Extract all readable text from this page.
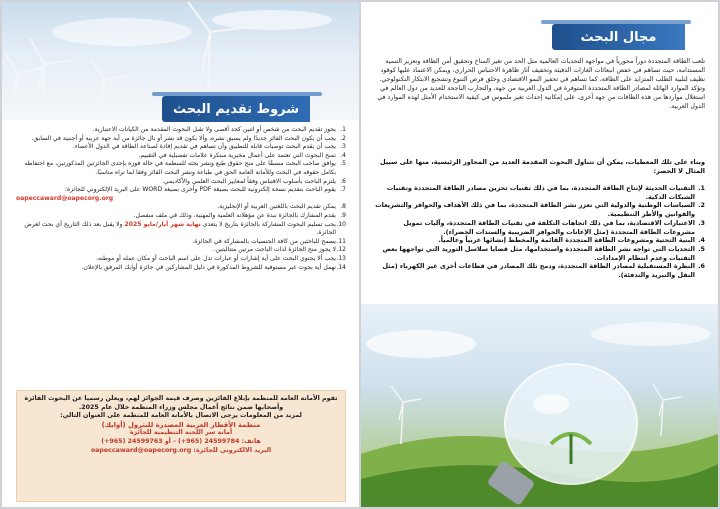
شروط تقديم البحث
1.
يجوز تقديم البحث من شخص أو اثنين كحد أقصى ولا تقبل البحوث المقدمة من الكيانات الاعتبارية.
2.
يجب أن يكون البحث الفائز جديدًا ولم يسبق نشره، وألا يكون قد نشر أو نال جائزة من أية جهة عربية أو أجنبية في السابق.
3.
يجب أن يقدم البحث توصيات قابلة للتطبيق وأن تساهم في تقديم إفادة لصناعة الطاقة في الدول الأعضاء.
4.
تمنح البحوث التي تعتمد على أعمال مخبرية مبتكرة علامات تفضيلية في التقييم.
5.
يوافق صاحب البحث مسبقًا على منح حقوق طبع ونشر بحثه للمنظمة في حالة فوزه بإحدى الجائزتين المذكورتين، مع احتفاظه بكامل حقوقه في البحث وللأمانة العامة الحق في طباعة ونشر البحث الفائز وفقا لما تراه مناسبًا.
6.
يلتزم الباحث بأسلوب الاقتباس وفقاً لمعايير البحث العلمي والأكاديمي.
7.
يقوم الباحث بتقديم نسخة إلكترونية للبحث بصيغة PDF وأخرى بصيغة WORD على البريد الإلكتروني للجائزة:
oapeccaward@oapecorg.org
8.
يمكن تقديم البحث باللغتين العربية أو الإنجليزية.
9.
يقدم المشارك بالجائزة نبذة عن مؤهلاته العلمية والمهنية، وذلك في ملف منفصل.
10.
يجب تسليم البحوث المشاركة بالجائزة بتاريخ لا يتعدى نهاية شهر أيار/مايو 2025 ولا يقبل بعد ذلك التاريخ أي بحث لغرض الجائزة.
11.
يسمح للباحثين من كافة الجنسيات بالمشاركة في الجائزة.
12.
لا يجوز منح الجائزة لذات الباحث مرتين متتاليتين.
13.
يجب ألا يحتوي البحث على أية إشارات أو عبارات تدل على اسم الباحث أو مكان عمله أو موطنه.
14.
تهمل أية بحوث غير مستوفية للشروط المذكورة في دليل المشاركين في جائزة أوابك المرفق بالإعلان.

تقوم الأمانة العامة للمنظمة بإبلاغ الفائزين وصرف قيمة الجوائز لهم، ويعلن رسميا عن البحوث الفائزة وأصحابها ضمن نتائج أعمال مجلس وزراء المنظمة خلال عام 2025.

لمزيد من المعلومات يرجى الاتصال بالأمانة العامة للمنظمة على العنوان التالي:

منظمة الأقطار العربية المصدرة للبترول (أوابك)

أمانة سر اللجنة التنظيمية للجائزة

هاتف: 24599784 (965+) - أو 24599763 (965+)

البريد الالكتروني للجائزة: oapeccaward@oapecorg.org

مجال البحث

تلعب الطاقة المتجددة دوراً محورياً في مواجهة التحديات العالمية مثل الحد من تغير المناخ وتحقيق أمن الطاقة وتعزيز التنمية المستدامة، حيث تساهم في خفض انبعاثات الغازات الدفيئة وتخفيف آثار ظاهرة الاحتباس الحراري، ويمكن الاعتماد عليها كوقود نظيف لتلبية الطلب المتزايد على الطاقة، كما تساهم في تحفيز النمو الاقتصادي وخلق فرص التنوع وتشجيع الابتكار التكنولوجي. وتؤكد الموارد الهائلة لمصادر الطاقة المتجددة المتوفرة في الدول العربية من جهة، والتجارب الناجحة للعديد من دول العالم في استغلال مواردها من هذه الطاقات من جهة أخرى، على إمكانية إحداث تغير ملموس في كيفية الاستخدام الأمثل لهذه الموارد في الدول العربية.

وبناء على تلك المعطيات، يمكن أن تتناول البحوث المقدمة العديد من المحاور الرئيسية، منها على سبيل المثال لا الحصر:

1.
التقنيات الحديثة لإنتاج الطاقة المتجددة، بما في ذلك تقنيات تخزين مصادر الطاقة المتجددة وتقنيات الشبكات الذكية.
2.
السياسات الوطنية والدولية التي تعزز نشر الطاقة المتجددة، بما في ذلك الأهداف والحوافز والتشريعات والقوانين والأطر التنظيمية.
3.
الاعتبارات الاقتصادية، بما في ذلك اتجاهات التكلفة في تقنيات الطاقة المتجددة، وآليات تمويل مشروعات الطاقة المتجددة (مثل الإعانات والحوافز الضريبية والسندات الخضراء).
4.
البنية التحتية ومشروعات الطاقة المتجددة القائمة والمخطط إنشائها عربياً وعالمياً.
5.
التحديات التي تواجه نشر الطاقة المتجددة واستخدامها، مثل قضايا سلاسل التوريد التي تواجهها بعض التقنيات وعدم انتظام الإمدادات.
6.
النظرة المستقبلية لمصادر الطاقة المتجددة، ودمج تلك المصادر في قطاعات أخرى غير الكهرباء (مثل النقل والتبريد والتدفئة).
